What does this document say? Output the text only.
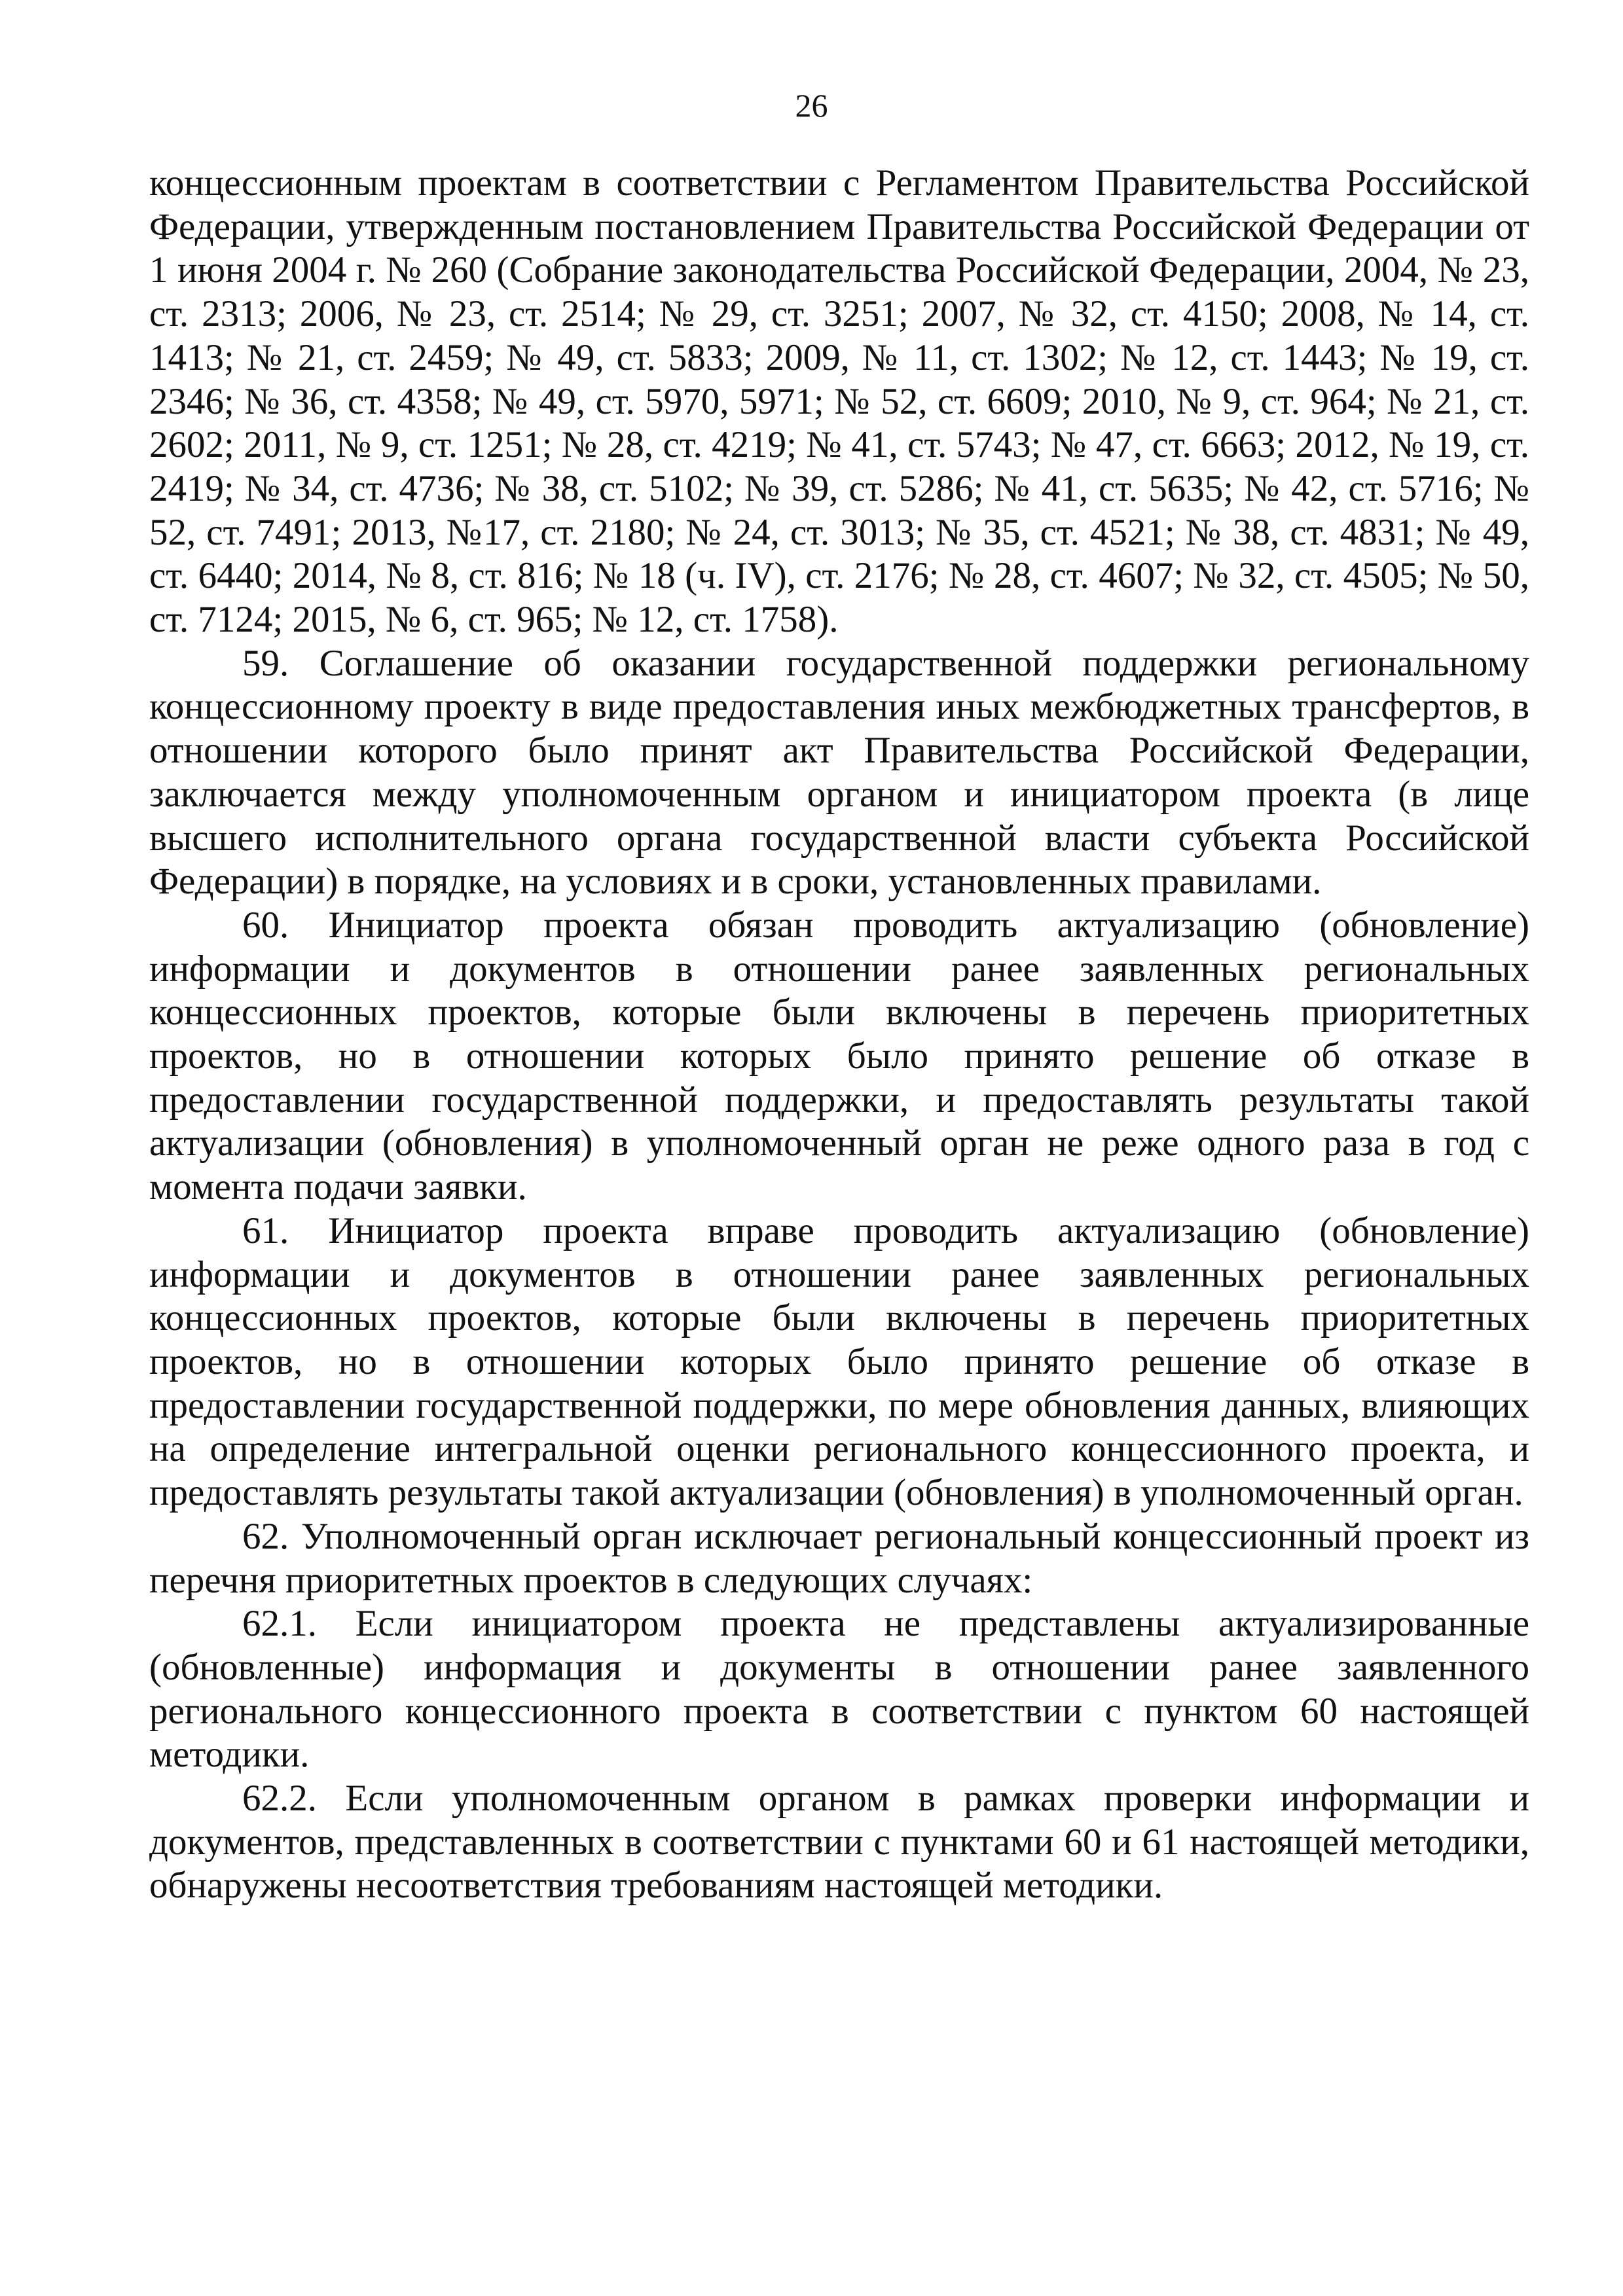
26

концессионным проектам в соответствии с Регламентом Правительства Российской Федерации, утвержденным постановлением Правительства Российской Федерации от 1 июня 2004 г. № 260 (Собрание законодательства Российской Федерации, 2004, № 23, ст. 2313; 2006, № 23, ст. 2514; № 29, ст. 3251; 2007, № 32, ст. 4150; 2008, № 14, ст. 1413; № 21, ст. 2459; № 49, ст. 5833; 2009, № 11, ст. 1302; № 12, ст. 1443; № 19, ст. 2346; № 36, ст. 4358; № 49, ст. 5970, 5971; № 52, ст. 6609; 2010, № 9, ст. 964; № 21, ст. 2602; 2011, № 9, ст. 1251; № 28, ст. 4219; № 41, ст. 5743; № 47, ст. 6663; 2012, № 19, ст. 2419; № 34, ст. 4736; № 38, ст. 5102; № 39, ст. 5286; № 41, ст. 5635; № 42, ст. 5716; № 52, ст. 7491; 2013, №17, ст. 2180; № 24, ст. 3013; № 35, ст. 4521; № 38, ст. 4831; № 49, ст. 6440; 2014, № 8, ст. 816; № 18 (ч. IV), ст. 2176; № 28, ст. 4607; № 32, ст. 4505; № 50, ст. 7124; 2015, № 6, ст. 965; № 12, ст. 1758).

59. Соглашение об оказании государственной поддержки региональному концессионному проекту в виде предоставления иных межбюджетных трансфертов, в отношении которого было принят акт Правительства Российской Федерации, заключается между уполномоченным органом и инициатором проекта (в лице высшего исполнительного органа государственной власти субъекта Российской Федерации) в порядке, на условиях и в сроки, установленных правилами.

60. Инициатор проекта обязан проводить актуализацию (обновление) информации и документов в отношении ранее заявленных региональных концессионных проектов, которые были включены в перечень приоритетных проектов, но в отношении которых было принято решение об отказе в предоставлении государственной поддержки, и предоставлять результаты такой актуализации (обновления) в уполномоченный орган не реже одного раза в год с момента подачи заявки.

61. Инициатор проекта вправе проводить актуализацию (обновление) информации и документов в отношении ранее заявленных региональных концессионных проектов, которые были включены в перечень приоритетных проектов, но в отношении которых было принято решение об отказе в предоставлении государственной поддержки, по мере обновления данных, влияющих на определение интегральной оценки регионального концессионного проекта, и предоставлять результаты такой актуализации (обновления) в уполномоченный орган.

62. Уполномоченный орган исключает региональный концессионный проект из перечня приоритетных проектов в следующих случаях:

62.1. Если инициатором проекта не представлены актуализированные (обновленные) информация и документы в отношении ранее заявленного регионального концессионного проекта в соответствии с пунктом 60 настоящей методики.

62.2. Если уполномоченным органом в рамках проверки информации и документов, представленных в соответствии с пунктами 60 и 61 настоящей методики, обнаружены несоответствия требованиям настоящей методики.
